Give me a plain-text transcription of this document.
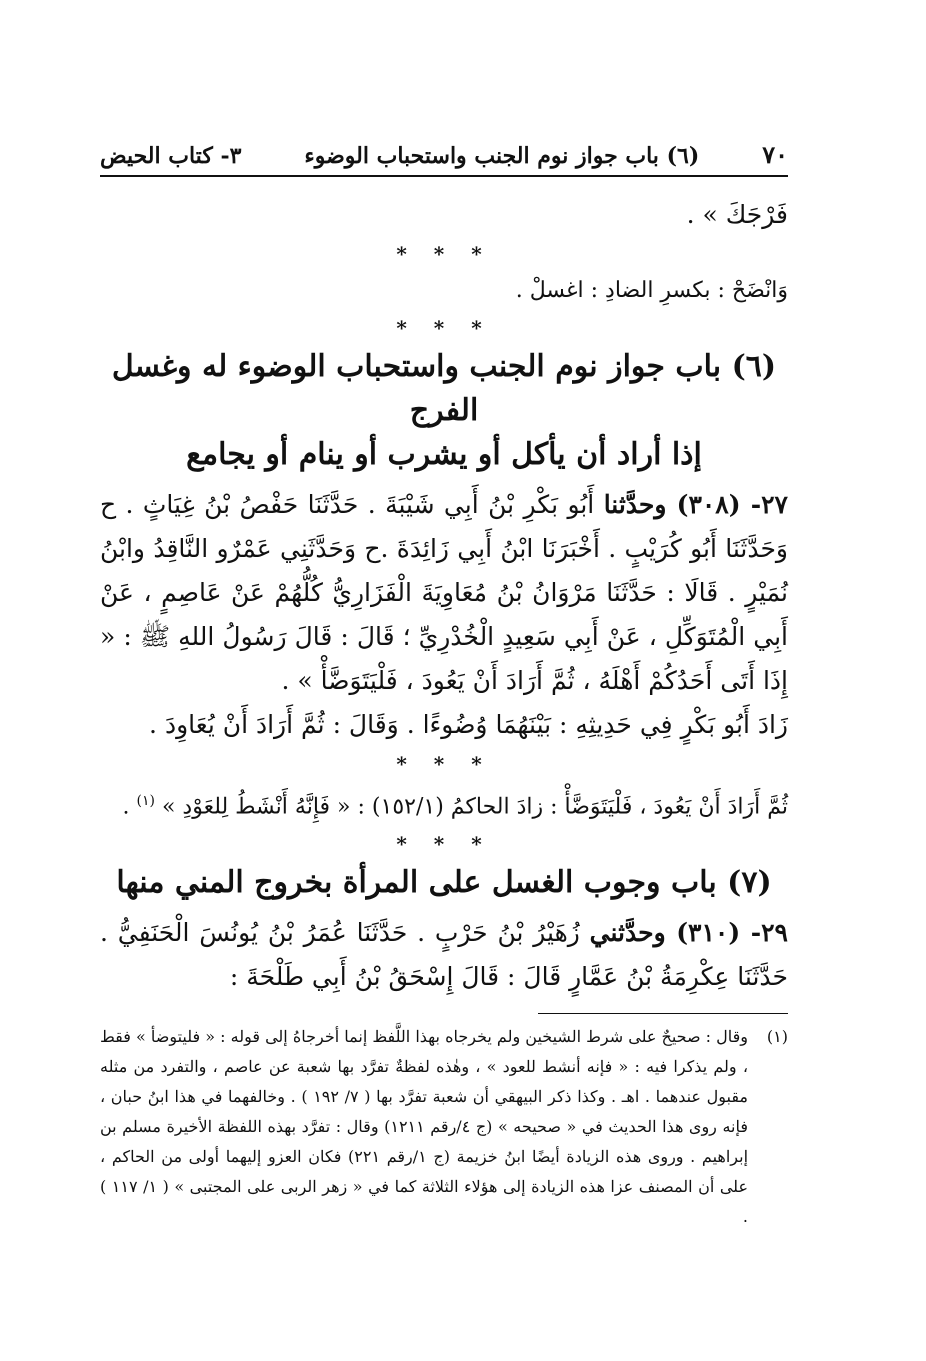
٧٠
(٦) باب جواز نوم الجنب واستحباب الوضوء
٣- كتاب الحيض
فَرْجَكَ » .
* * *
وَانْضَحْ : بكسرِ الضادِ : اغسلْ .
* * *
(٦) باب جواز نوم الجنب واستحباب الوضوء له وغسل الفرج
إذا أراد أن يأكل أو يشرب أو ينام أو يجامع
٢٧- (٣٠٨) وحدَّثنا أَبُو بَكْرِ بْنُ أَبِي شَيْبَةَ . حَدَّثَنَا حَفْصُ بْنُ غِيَاثٍ . ح وَحَدَّثَنَا أَبُو كُرَيْبٍ . أَخْبَرَنَا ابْنُ أَبِي زَائِدَةَ .ح وَحَدَّثَنِي عَمْرٌو النَّاقِدُ وابْنُ نُمَيْرٍ . قَالَا : حَدَّثَنَا مَرْوَانُ بْنُ مُعَاوِيَةَ الْفَزَارِيُّ كُلُّهُمْ عَنْ عَاصِمٍ ، عَنْ أَبِي الْمُتَوَكِّلِ ، عَنْ أَبِي سَعِيدٍ الْخُدْرِيِّ ؛ قَالَ : قَالَ رَسُولُ اللهِ ﷺ : « إِذَا أَتَى أَحَدُكُمْ أَهْلَهُ ، ثُمَّ أَرَادَ أَنْ يَعُودَ ، فَلْيَتَوَضَّأْ » .
زَادَ أَبُو بَكْرٍ فِي حَدِيثِهِ : بَيْنَهُمَا وُضُوءًا . وَقَالَ : ثُمَّ أَرَادَ أَنْ يُعَاوِدَ .
* * *
ثُمَّ أَرَادَ أَنْ يَعُودَ ، فَلْيَتَوَضَّأْ : زادَ الحاكمُ (١٥٢/١) : « فَإِنَّهُ أَنْشَطُ لِلعَوْدِ » $^{(١)}$ .
* * *
(٧) باب وجوب الغسل على المرأة بخروج المني منها
٢٩- (٣١٠) وحدَّثني زُهَيْرُ بْنُ حَرْبٍ . حَدَّثَنَا عُمَرُ بْنُ يُونُسَ الْحَنَفِيُّ . حَدَّثَنَا عِكْرِمَةُ بْنُ عَمَّارٍ قَالَ : قَالَ إِسْحَقُ بْنُ أَبِي طَلْحَةَ :
(١)
وقال : صحيحٌ على شرط الشيخين ولم يخرجاه بهذا اللَّفظ إنما أخرجاهُ إلى قوله : « فليتوضأ » فقط ، ولم يذكرا فيه : « فإنه أنشط للعود » ، وهٰذه لفظةٌ تفرَّد بها شعبة عن عاصم ، والتفرد من مثله مقبول عندهما . اهـ . وكذا ذكر البيهقي أن شعبة تفرَّد بها ( ٧/ ١٩٢ ) . وخالفهما في هذا ابنُ حبان ، فإنه روى هذا الحديث في « صحيحه » (ج ٤/رقم ١٢١١) وقال : تفرَّد بهذه اللفظة الأخيرة مسلم بن إبراهيم . وروى هذه الزيادة أيضًا ابنُ خزيمة (ج ١/رقم ٢٢١) فكان العزو إليهما أولى من الحاكم ، على أن المصنف عزا هذه الزيادة إلى هؤلاء الثلاثة كما في « زهر الربى على المجتبى » ( ١/ ١١٧ ) .
